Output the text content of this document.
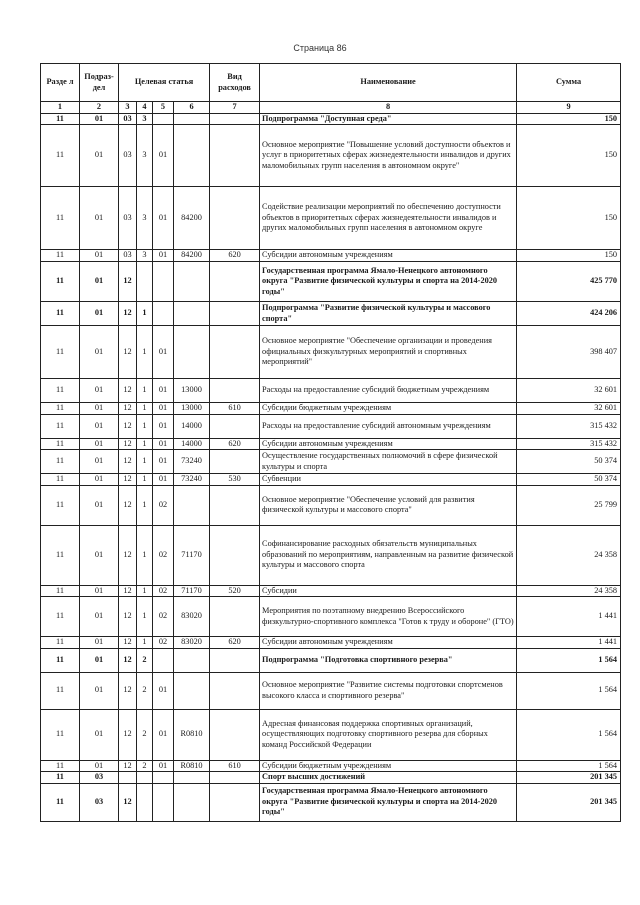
Страница 86
Разде л	Подраз- дел	Целевая статья				Вид расходов	Наименование	Сумма
1	2	3	4	5	6	7	8	9
11	01	03	3				Подпрограмма "Доступная среда"	150
11	01	03	3	01			Основное мероприятие "Повышение условий доступности объектов и услуг в приоритетных сферах жизнедеятельности инвалидов и других маломобильных групп населения в автономном округе"	150
11	01	03	3	01	84200		Содействие реализации мероприятий по обеспечению доступности объектов в приоритетных сферах жизнедеятельности инвалидов и других маломобильных групп населения в автономном округе	150
11	01	03	3	01	84200	620	Субсидии автономным учреждениям	150
11	01	12					Государственная программа Ямало-Ненецкого автономного округа "Развитие физической культуры и спорта на 2014-2020 годы"	425 770
11	01	12	1				Подпрограмма "Развитие физической культуры и массового спорта"	424 206
11	01	12	1	01			Основное мероприятие "Обеспечение организации и проведения официальных физкультурных мероприятий и спортивных мероприятий"	398 407
11	01	12	1	01	13000		Расходы на предоставление субсидий бюджетным учреждениям	32 601
11	01	12	1	01	13000	610	Субсидии бюджетным учреждениям	32 601
11	01	12	1	01	14000		Расходы на предоставление субсидий автономным учреждениям	315 432
11	01	12	1	01	14000	620	Субсидии автономным учреждениям	315 432
11	01	12	1	01	73240		Осуществление государственных полномочий в сфере физической культуры и спорта	50 374
11	01	12	1	01	73240	530	Субвенции	50 374
11	01	12	1	02			Основное мероприятие "Обеспечение условий для развития физической культуры и массового спорта"	25 799
11	01	12	1	02	71170		Софинансирование расходных обязательств муниципальных образований по мероприятиям, направленным на развитие физической культуры и массового спорта	24 358
11	01	12	1	02	71170	520	Субсидии	24 358
11	01	12	1	02	83020		Мероприятия по поэтапному внедрению Всероссийского физкультурно-спортивного комплекса "Готов к труду и обороне" (ГТО)	1 441
11	01	12	1	02	83020	620	Субсидии автономным учреждениям	1 441
11	01	12	2				Подпрограмма "Подготовка спортивного резерва"	1 564
11	01	12	2	01			Основное мероприятие "Развитие системы подготовки спортсменов высокого класса и спортивного резерва"	1 564
11	01	12	2	01	R0810		Адресная финансовая поддержка спортивных организаций, осуществляющих подготовку спортивного резерва для сборных команд Российской Федерации	1 564
11	01	12	2	01	R0810	610	Субсидии бюджетным учреждениям	1 564
11	03						Спорт высших достижений	201 345
11	03	12					Государственная программа Ямало-Ненецкого автономного округа "Развитие физической культуры и спорта на 2014-2020 годы"	201 345
